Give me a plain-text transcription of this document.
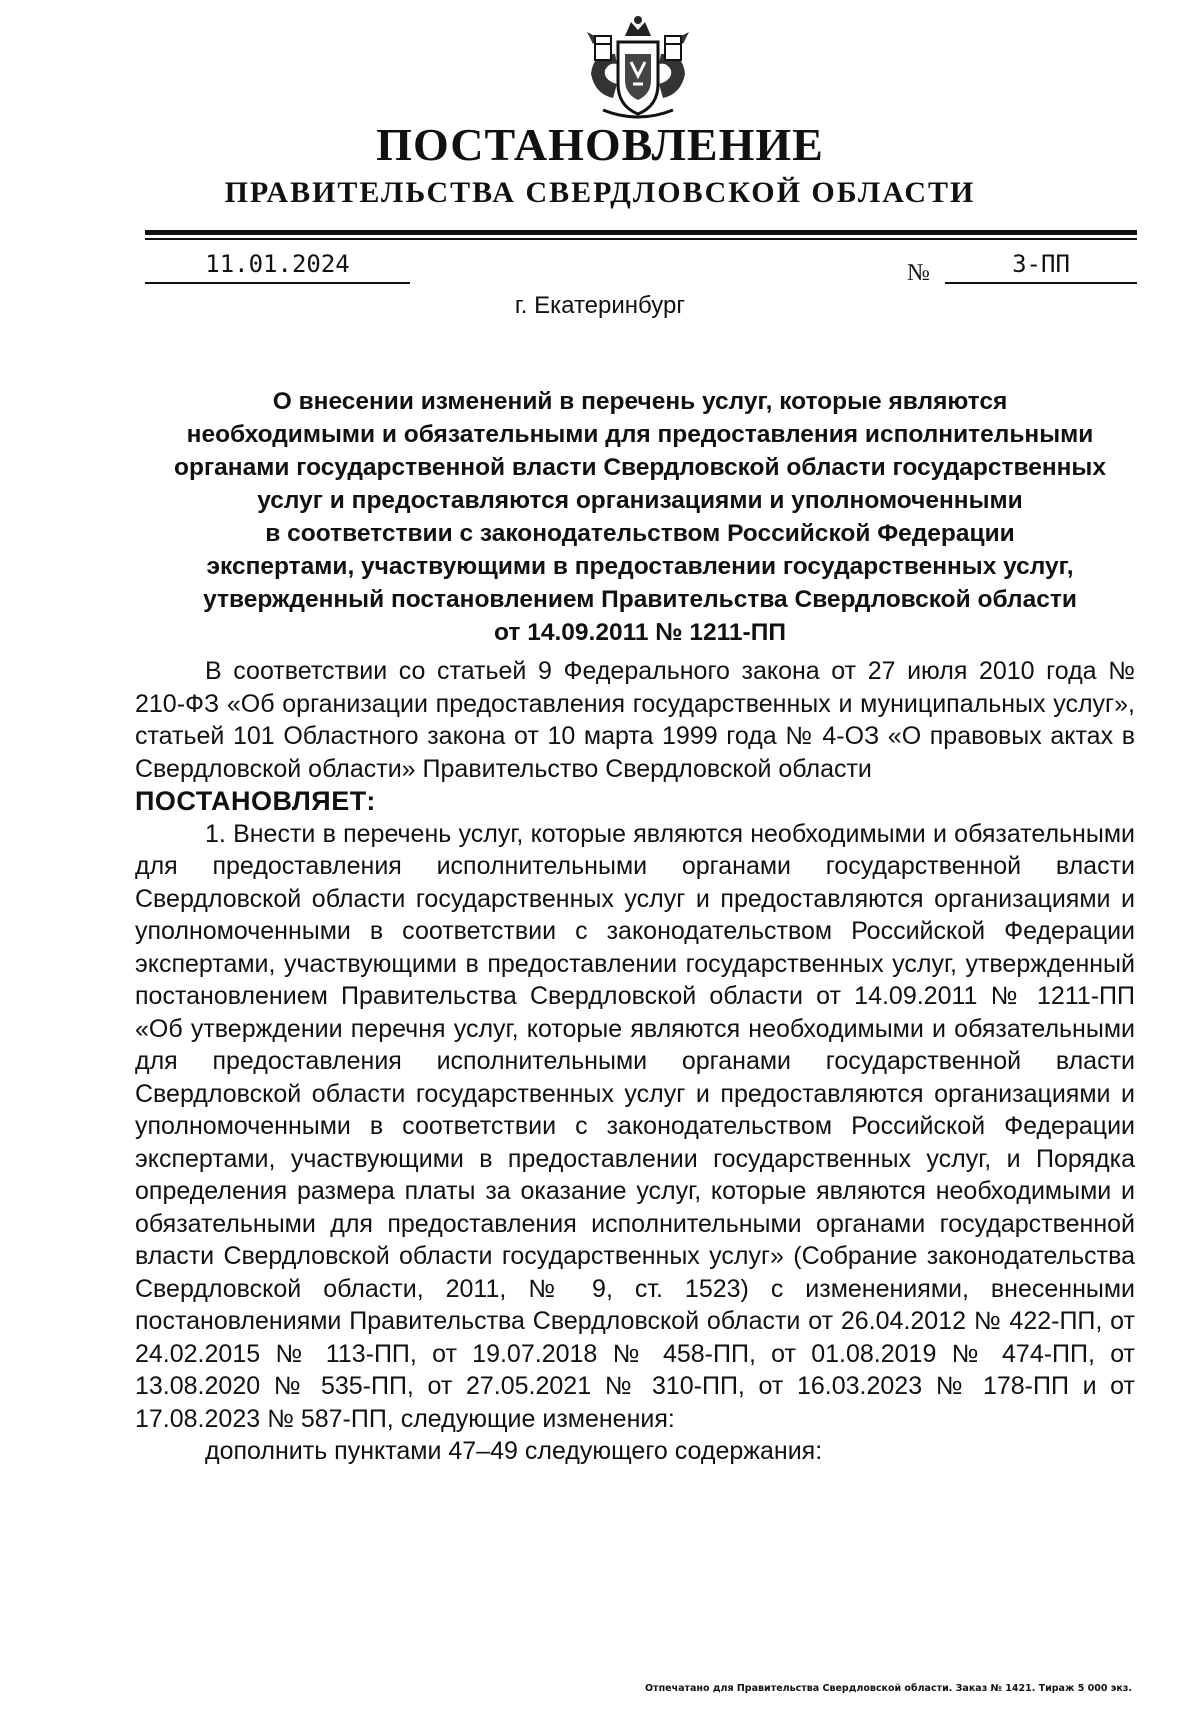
ПОСТАНОВЛЕНИЕ
ПРАВИТЕЛЬСТВА СВЕРДЛОВСКОЙ ОБЛАСТИ
11.01.2024	№	3-ПП
г. Екатеринбург
О внесении изменений в перечень услуг, которые являются
необходимыми и обязательными для предоставления исполнительными
органами государственной власти Свердловской области государственных
услуг и предоставляются организациями и уполномоченными
в соответствии с законодательством Российской Федерации
экспертами, участвующими в предоставлении государственных услуг,
утвержденный постановлением Правительства Свердловской области
от 14.09.2011 № 1211-ПП

В соответствии со статьей 9 Федерального закона от 27 июля 2010 года № 210-ФЗ «Об организации предоставления государственных и муниципальных услуг», статьей 101 Областного закона от 10 марта 1999 года № 4-ОЗ «О правовых актах в Свердловской области» Правительство Свердловской области

ПОСТАНОВЛЯЕТ:

1. Внести в перечень услуг, которые являются необходимыми и обязательными для предоставления исполнительными органами государственной власти Свердловской области государственных услуг и предоставляются организациями и уполномоченными в соответствии с законодательством Российской Федерации экспертами, участвующими в предоставлении государственных услуг, утвержденный постановлением Правительства Свердловской области от 14.09.2011 № 1211-ПП «Об утверждении перечня услуг, которые являются необходимыми и обязательными для предоставления исполнительными органами государственной власти Свердловской области государственных услуг и предоставляются организациями и уполномоченными в соответствии с законодательством Российской Федерации экспертами, участвующими в предоставлении государственных услуг, и Порядка определения размера платы за оказание услуг, которые являются необходимыми и обязательными для предоставления исполнительными органами государственной власти Свердловской области государственных услуг» (Собрание законодательства Свердловской области, 2011, № 9, ст. 1523) с изменениями, внесенными постановлениями Правительства Свердловской области от 26.04.2012 № 422-ПП, от 24.02.2015 № 113-ПП, от 19.07.2018 № 458-ПП, от 01.08.2019 № 474-ПП, от 13.08.2020 № 535-ПП, от 27.05.2021 № 310-ПП, от 16.03.2023 № 178-ПП и от 17.08.2023 № 587-ПП, следующие изменения:

дополнить пунктами 47–49 следующего содержания:
Отпечатано для Правительства Свердловской области. Заказ № 1421. Тираж 5 000 экз.
